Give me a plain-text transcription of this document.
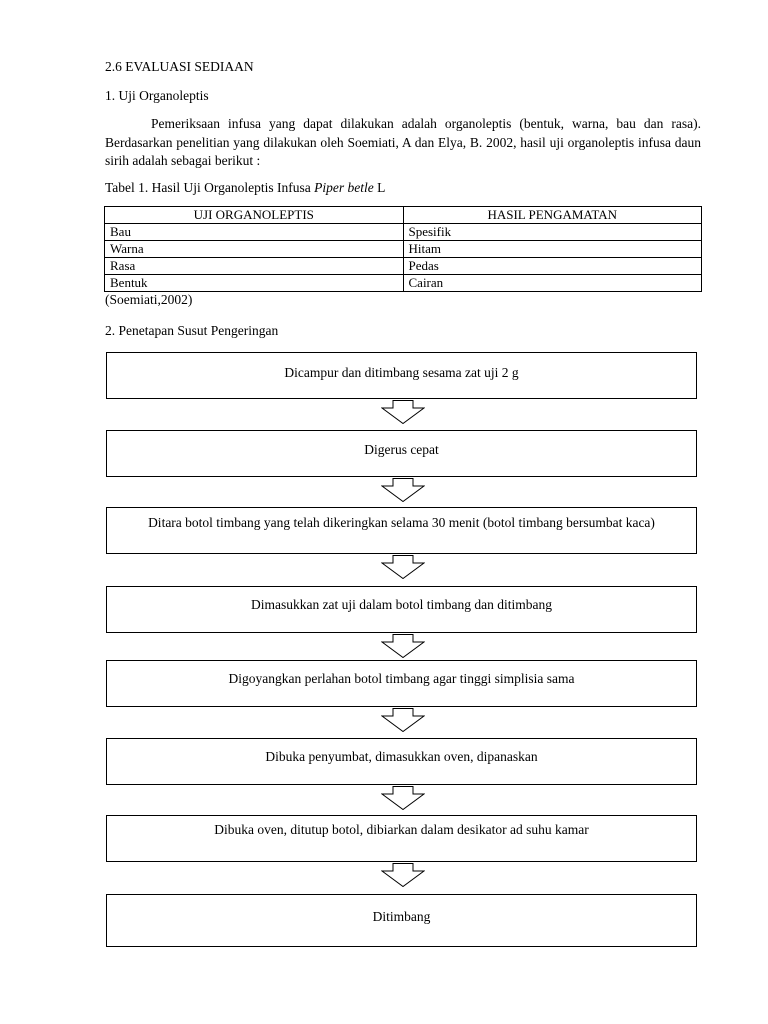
2.6 EVALUASI SEDIAAN
1. Uji Organoleptis

Pemeriksaan infusa yang dapat dilakukan adalah organoleptis (bentuk, warna, bau dan rasa). Berdasarkan penelitian yang dilakukan oleh Soemiati, A dan Elya, B. 2002, hasil uji organoleptis infusa daun sirih adalah sebagai berikut :

Tabel 1. Hasil Uji Organoleptis Infusa Piper betle L
UJI ORGANOLEPTIS	HASIL PENGAMATAN
Bau	Spesifik
Warna	Hitam
Rasa	Pedas
Bentuk	Cairan
(Soemiati,2002)
2. Penetapan Susut Pengeringan
Dicampur dan ditimbang sesama zat uji 2 g
Digerus cepat
Ditara botol timbang yang telah dikeringkan selama 30 menit (botol timbang bersumbat kaca)
Dimasukkan zat uji dalam botol timbang dan ditimbang
Digoyangkan perlahan botol timbang agar tinggi simplisia sama
Dibuka penyumbat, dimasukkan oven, dipanaskan
Dibuka oven, ditutup botol, dibiarkan dalam desikator ad suhu kamar
Ditimbang
